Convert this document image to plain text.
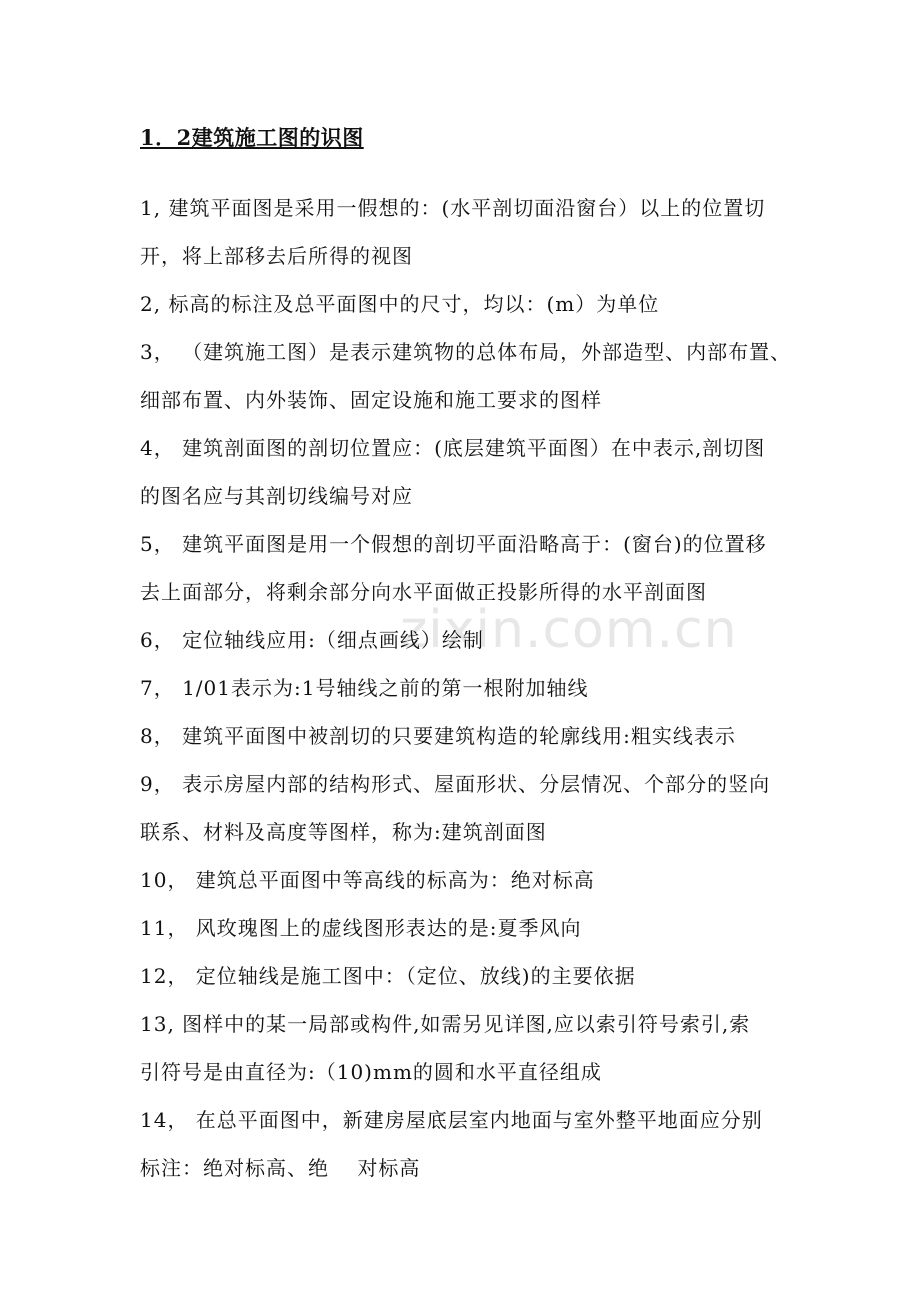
zixin.com.cn
1．2建筑施工图的识图
1, 建筑平面图是采用一假想的：(水平剖切面沿窗台）以上的位置切
开，将上部移去后所得的视图
2, 标高的标注及总平面图中的尺寸，均以：(m）为单位
3， （建筑施工图）是表示建筑物的总体布局，外部造型、内部布置、
细部布置、内外装饰、固定设施和施工要求的图样
4， 建筑剖面图的剖切位置应：(底层建筑平面图）在中表示,剖切图
的图名应与其剖切线编号对应
5， 建筑平面图是用一个假想的剖切平面沿略高于：(窗台)的位置移
去上面部分，将剩余部分向水平面做正投影所得的水平剖面图
6， 定位轴线应用:（细点画线）绘制
7， 1/01表示为:1号轴线之前的第一根附加轴线
8， 建筑平面图中被剖切的只要建筑构造的轮廓线用:粗实线表示
9， 表示房屋内部的结构形式、屋面形状、分层情况、个部分的竖向
联系、材料及高度等图样，称为:建筑剖面图
10， 建筑总平面图中等高线的标高为：绝对标高
11， 风玫瑰图上的虚线图形表达的是:夏季风向
12， 定位轴线是施工图中：（定位、放线)的主要依据
13, 图样中的某一局部或构件,如需另见详图,应以索引符号索引,索
引符号是由直径为:（10)mm的圆和水平直径组成
14， 在总平面图中，新建房屋底层室内地面与室外整平地面应分别
标注：绝对标高、绝　 对标高
